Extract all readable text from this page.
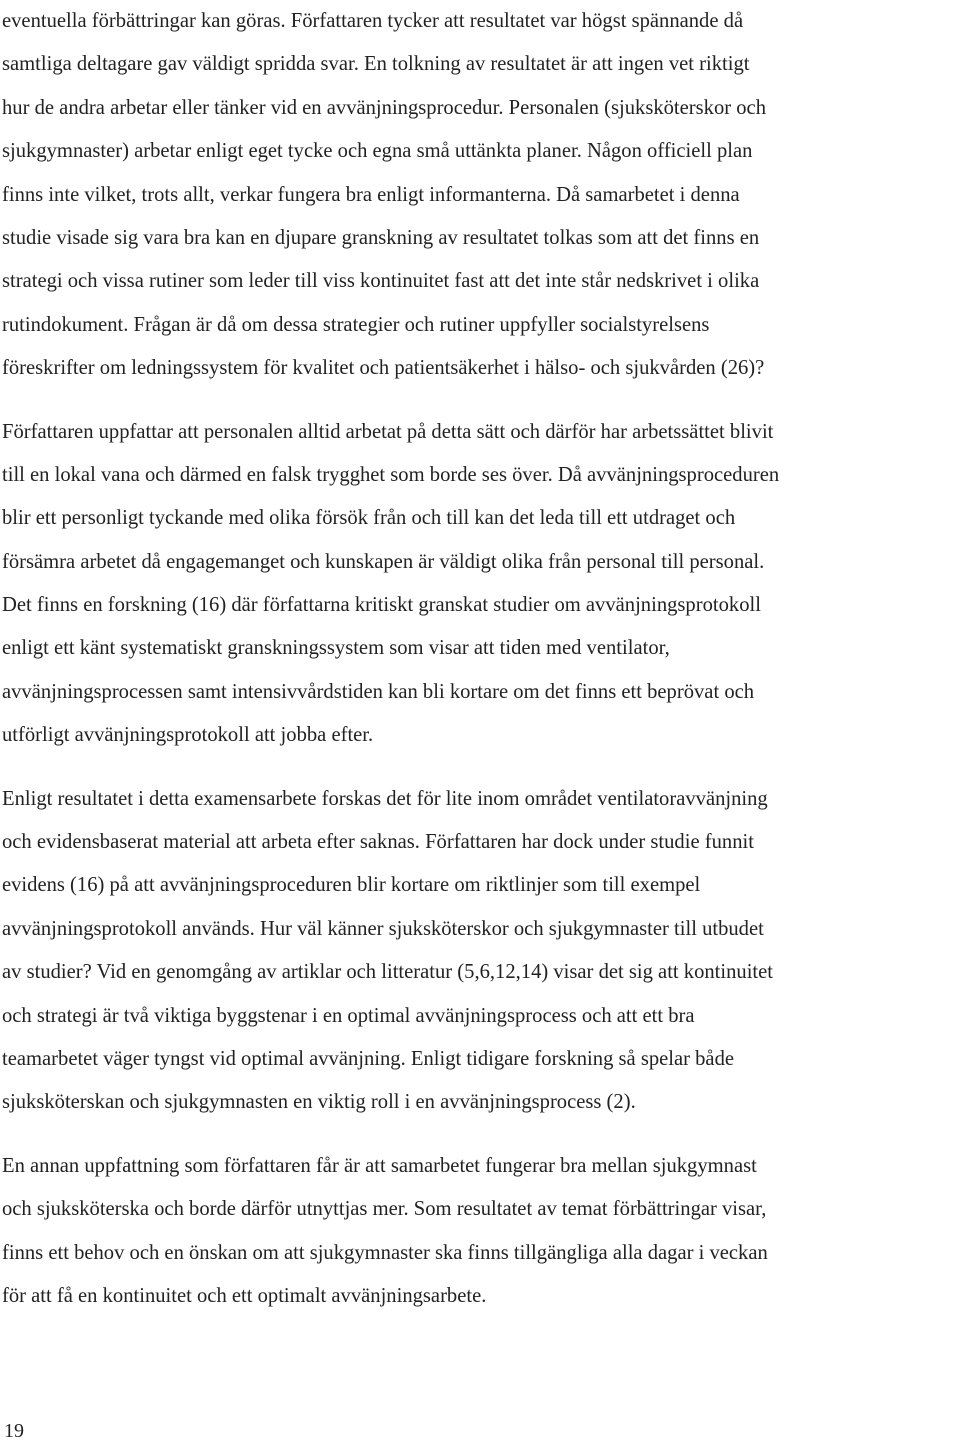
eventuella förbättringar kan göras. Författaren tycker att resultatet var högst spännande då
samtliga deltagare gav väldigt spridda svar. En tolkning av resultatet är att ingen vet riktigt
hur de andra arbetar eller tänker vid en avvänjningsprocedur. Personalen (sjuksköterskor och
sjukgymnaster) arbetar enligt eget tycke och egna små uttänkta planer. Någon officiell plan
finns inte vilket, trots allt, verkar fungera bra enligt informanterna. Då samarbetet i denna
studie visade sig vara bra kan en djupare granskning av resultatet tolkas som att det finns en
strategi och vissa rutiner som leder till viss kontinuitet fast att det inte står nedskrivet i olika
rutindokument. Frågan är då om dessa strategier och rutiner uppfyller socialstyrelsens
föreskrifter om ledningssystem för kvalitet och patientsäkerhet i hälso- och sjukvården (26)?

Författaren uppfattar att personalen alltid arbetat på detta sätt och därför har arbetssättet blivit
till en lokal vana och därmed en falsk trygghet som borde ses över. Då avvänjningsproceduren
blir ett personligt tyckande med olika försök från och till kan det leda till ett utdraget och
försämra arbetet då engagemanget och kunskapen är väldigt olika från personal till personal.
Det finns en forskning (16) där författarna kritiskt granskat studier om avvänjningsprotokoll
enligt ett känt systematiskt granskningssystem som visar att tiden med ventilator,
avvänjningsprocessen samt intensivvårdstiden kan bli kortare om det finns ett beprövat och
utförligt avvänjningsprotokoll att jobba efter.

Enligt resultatet i detta examensarbete forskas det för lite inom området ventilatoravvänjning
och evidensbaserat material att arbeta efter saknas. Författaren har dock under studie funnit
evidens (16) på att avvänjningsproceduren blir kortare om riktlinjer som till exempel
avvänjningsprotokoll används. Hur väl känner sjuksköterskor och sjukgymnaster till utbudet
av studier? Vid en genomgång av artiklar och litteratur (5,6,12,14) visar det sig att kontinuitet
och strategi är två viktiga byggstenar i en optimal avvänjningsprocess och att ett bra
teamarbetet väger tyngst vid optimal avvänjning. Enligt tidigare forskning så spelar både
sjuksköterskan och sjukgymnasten en viktig roll i en avvänjningsprocess (2).

En annan uppfattning som författaren får är att samarbetet fungerar bra mellan sjukgymnast
och sjuksköterska och borde därför utnyttjas mer. Som resultatet av temat förbättringar visar,
finns ett behov och en önskan om att sjukgymnaster ska finns tillgängliga alla dagar i veckan
för att få en kontinuitet och ett optimalt avvänjningsarbete.

19
